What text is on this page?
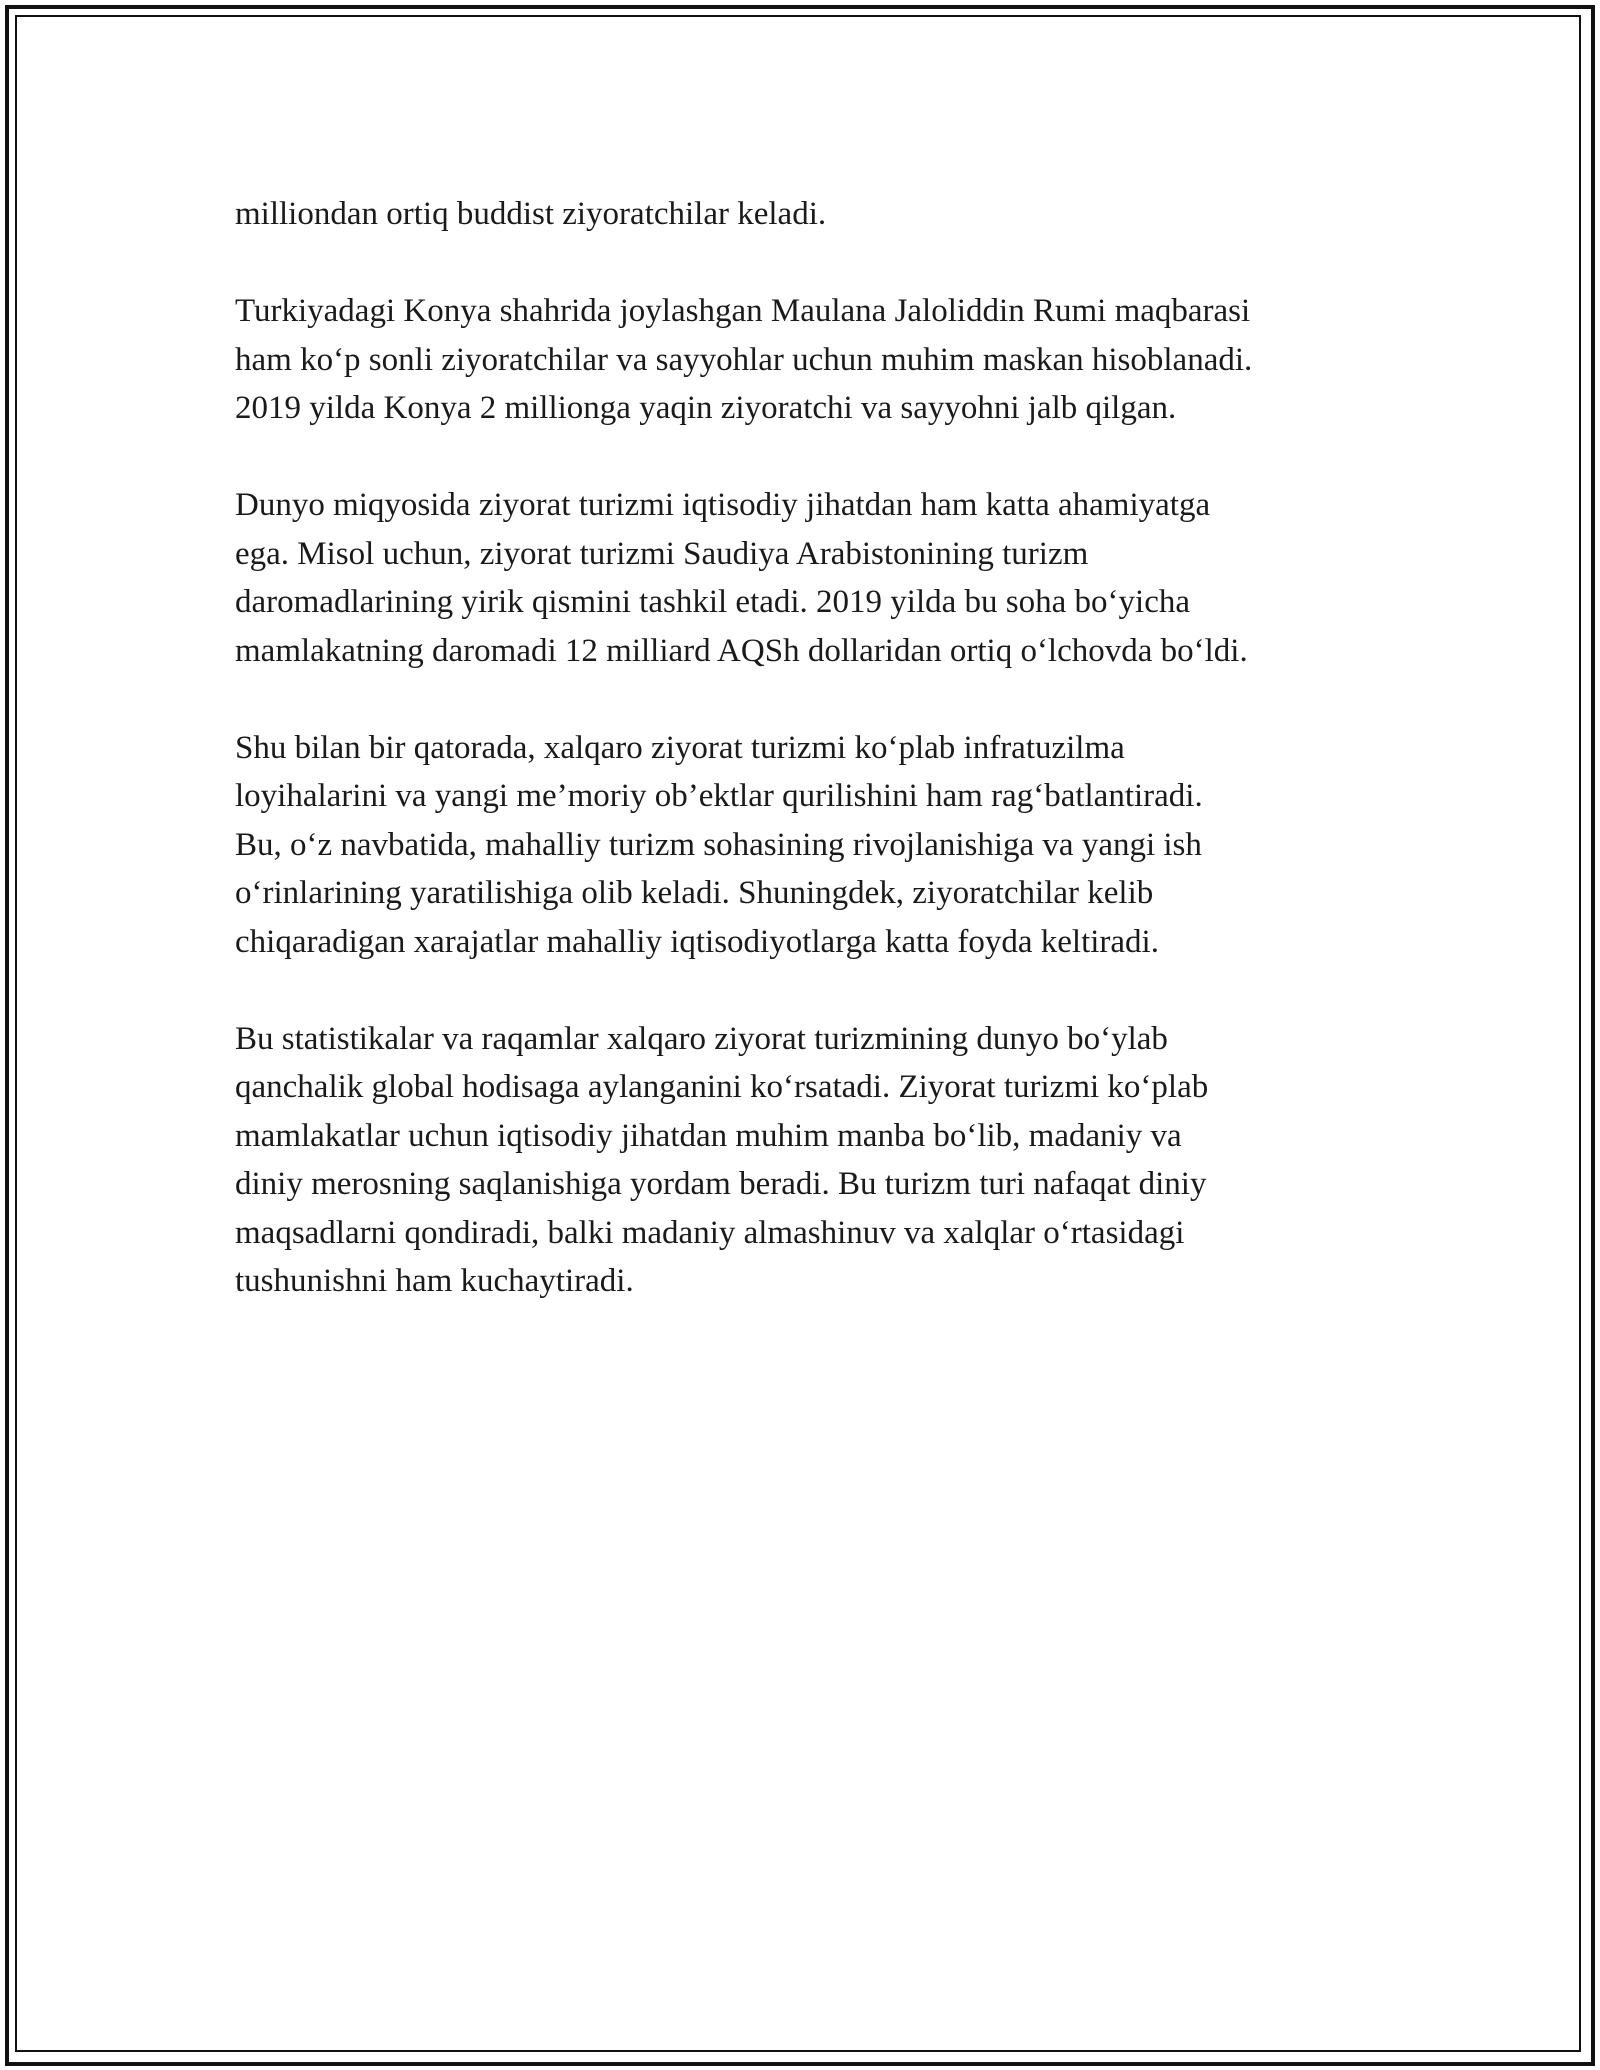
milliondan ortiq buddist ziyoratchilar keladi.

Turkiyadagi Konya shahrida joylashgan Maulana Jaloliddin Rumi maqbarasi
ham koʻp sonli ziyoratchilar va sayyohlar uchun muhim maskan hisoblanadi.
2019 yilda Konya 2 millionga yaqin ziyoratchi va sayyohni jalb qilgan.

Dunyo miqyosida ziyorat turizmi iqtisodiy jihatdan ham katta ahamiyatga
ega. Misol uchun, ziyorat turizmi Saudiya Arabistonining turizm
daromadlarining yirik qismini tashkil etadi. 2019 yilda bu soha boʻyicha
mamlakatning daromadi 12 milliard AQSh dollaridan ortiq oʻlchovda boʻldi.

Shu bilan bir qatorada, xalqaro ziyorat turizmi koʻplab infratuzilma
loyihalarini va yangi me’moriy ob’ektlar qurilishini ham ragʻbatlantiradi.
Bu, oʻz navbatida, mahalliy turizm sohasining rivojlanishiga va yangi ish
oʻrinlarining yaratilishiga olib keladi. Shuningdek, ziyoratchilar kelib
chiqaradigan xarajatlar mahalliy iqtisodiyotlarga katta foyda keltiradi.

Bu statistikalar va raqamlar xalqaro ziyorat turizmining dunyo boʻylab
qanchalik global hodisaga aylanganini koʻrsatadi. Ziyorat turizmi koʻplab
mamlakatlar uchun iqtisodiy jihatdan muhim manba boʻlib, madaniy va
diniy merosning saqlanishiga yordam beradi. Bu turizm turi nafaqat diniy
maqsadlarni qondiradi, balki madaniy almashinuv va xalqlar oʻrtasidagi
tushunishni ham kuchaytiradi.
